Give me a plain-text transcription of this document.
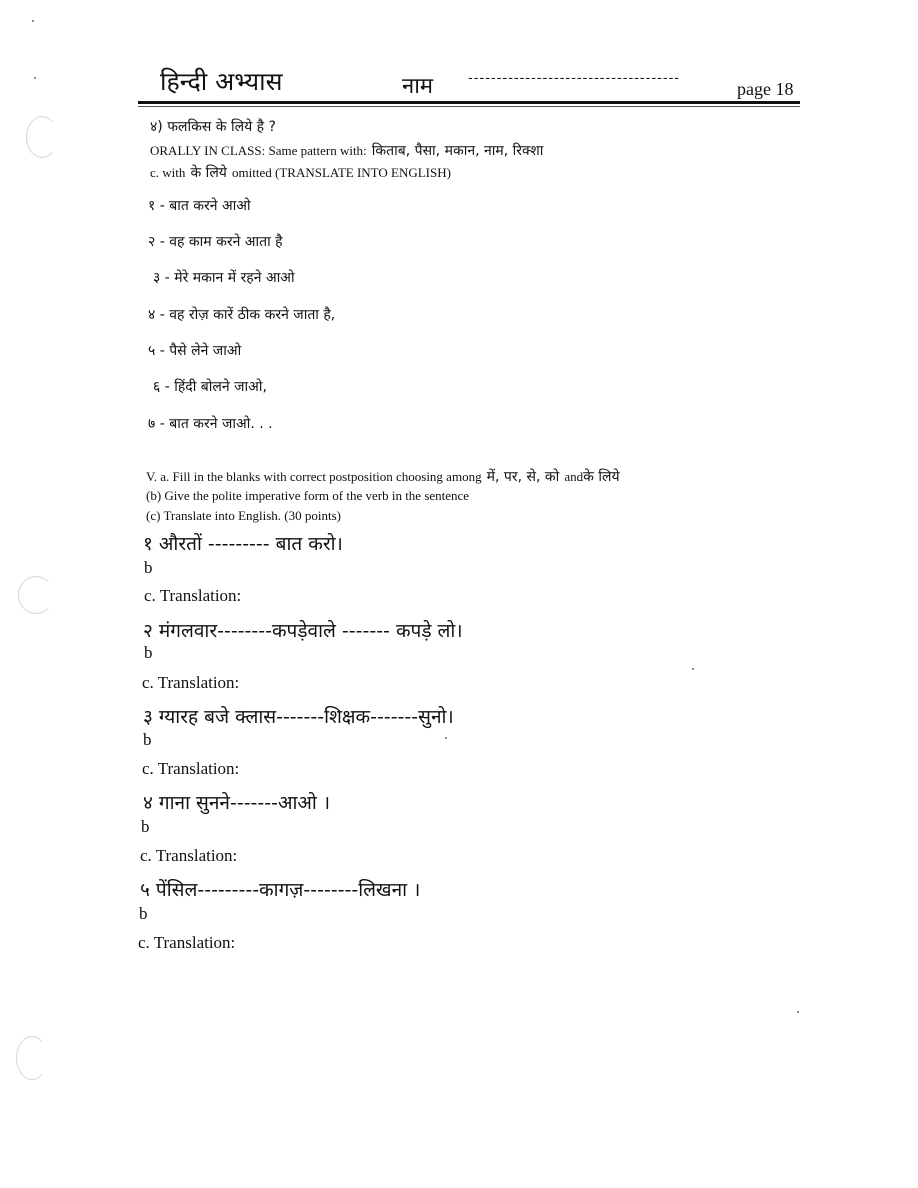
हिन्दी अभ्यास	नाम -------------------------------------
page 18
४) फलकिस के लिये है ?
ORALLY IN CLASS: Same pattern with: किताब, पैसा, मकान, नाम, रिक्शा
c. with के लिये omitted (TRANSLATE INTO ENGLISH)
१ - बात करने आओ
२ - वह काम करने आता है
३ - मेरे मकान में रहने आओ
४ - वह रोज़ कारें ठीक करने जाता है,
५ - पैसे लेने जाओ
६ - हिंदी बोलने जाओ,
७ - बात करने जाओ. . .
V. a. Fill in the blanks with correct postposition choosing among में, पर, से, को andके लिये
(b) Give the polite imperative form of the verb in the sentence
(c) Translate into English. (30 points)
१ औरतों --------- बात करो।
b
c. Translation:
२ मंगलवार--------कपड़ेवाले ------- कपड़े लो।
b
c. Translation:
३ ग्यारह बजे क्लास-------शिक्षक-------सुनो।
b
c. Translation:
४ गाना सुनने-------आओ ।
b
c. Translation:
५ पेंसिल---------कागज़--------लिखना ।
b
c. Translation:
